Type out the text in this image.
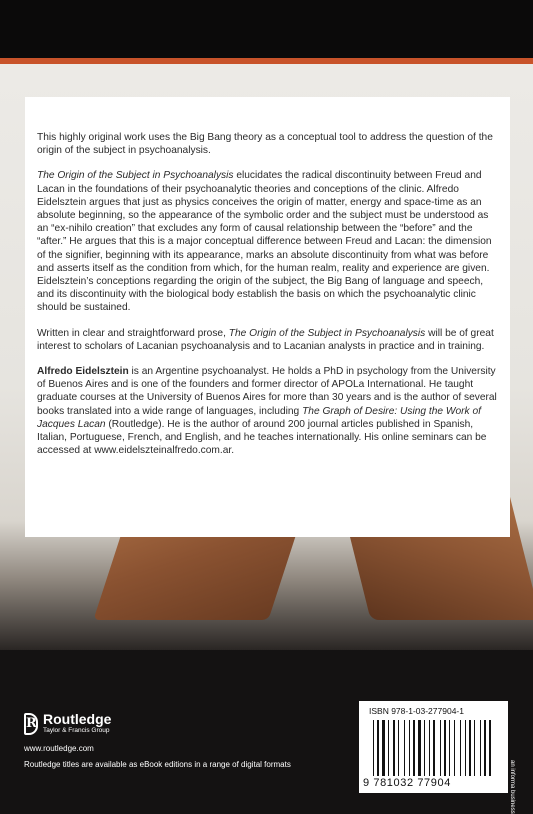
This highly original work uses the Big Bang theory as a conceptual tool to address the question of the origin of the subject in psychoanalysis.

The Origin of the Subject in Psychoanalysis elucidates the radical discontinuity between Freud and Lacan in the foundations of their psychoanalytic theories and conceptions of the clinic. Alfredo Eidelsztein argues that just as physics conceives the origin of matter, energy and space-time as an absolute beginning, so the appearance of the symbolic order and the subject must be understood as an “ex-nihilo creation” that excludes any form of causal relationship between the “before” and the “after.” He argues that this is a major conceptual difference between Freud and Lacan: the dimension of the signifier, beginning with its appearance, marks an absolute discontinuity from what was before and asserts itself as the condition from which, for the human realm, reality and experience are given. Eidelsztein’s conceptions regarding the origin of the subject, the Big Bang of language and speech, and its discontinuity with the biological body establish the basis on which the psychoanalytic clinic should be sustained.

Written in clear and straightforward prose, The Origin of the Subject in Psychoanalysis will be of great interest to scholars of Lacanian psychoanalysis and to Lacanian analysts in practice and in training.

Alfredo Eidelsztein is an Argentine psychoanalyst. He holds a PhD in psychology from the University of Buenos Aires and is one of the founders and former director of APOLa International. He taught graduate courses at the University of Buenos Aires for more than 30 years and is the author of several books translated into a wide range of languages, including The Graph of Desire: Using the Work of Jacques Lacan (Routledge). He is the author of around 200 journal articles published in Spanish, Italian, Portuguese, French, and English, and he teaches internationally. His online seminars can be accessed at www.eidelszteinalfredo.com.ar.

R Routledge
Taylor & Francis Group
www.routledge.com
Routledge titles are available as eBook editions in a range of digital formats
ISBN 978-1-03-277904-1
9 781032 77904	an informa business
